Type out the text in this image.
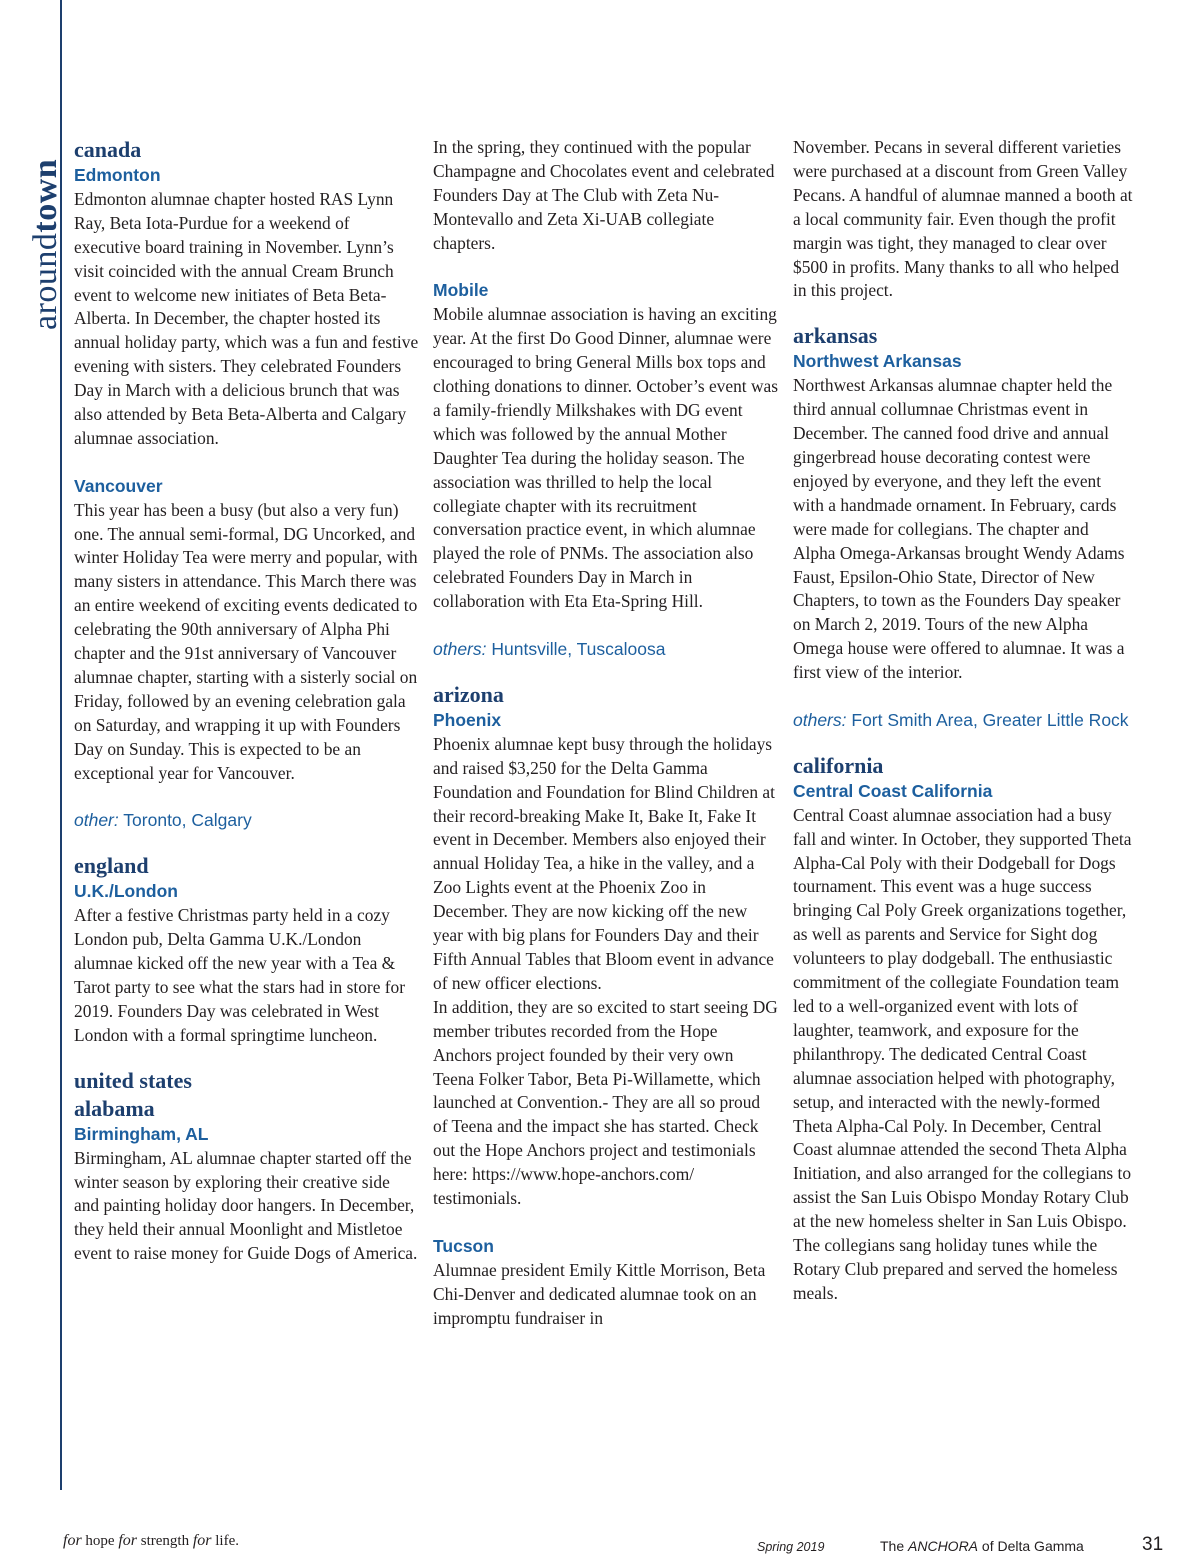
aroundtown
canada
Edmonton

Edmonton alumnae chapter hosted RAS Lynn Ray, Beta Iota-Purdue for a weekend of executive board training in November. Lynn’s visit coincided with the annual Cream Brunch event to welcome new initiates of Beta Beta-Alberta. In December, the chapter hosted its annual holiday party, which was a fun and festive evening with sisters. They celebrated Founders Day in March with a delicious brunch that was also attended by Beta Beta-Alberta and Calgary alumnae association.

Vancouver

This year has been a busy (but also a very fun) one. The annual semi-formal, DG Uncorked, and winter Holiday Tea were merry and popular, with many sisters in attendance. This March there was an entire weekend of exciting events dedicated to celebrating the 90th anniversary of Alpha Phi chapter and the 91st anniversary of Vancouver alumnae chapter, starting with a sisterly social on Friday, followed by an evening celebration gala on Saturday, and wrapping it up with Founders Day on Sunday. This is expected to be an exceptional year for Vancouver.

other: Toronto, Calgary

england
U.K./London

After a festive Christmas party held in a cozy London pub, Delta Gamma U.K./London alumnae kicked off the new year with a Tea & Tarot party to see what the stars had in store for 2019. Founders Day was celebrated in West London with a formal springtime luncheon.

united states
alabama
Birmingham, AL

Birmingham, AL alumnae chapter started off the winter season by exploring their creative side and painting holiday door hangers. In December, they held their annual Moonlight and Mistletoe event to raise money for Guide Dogs of America.

In the spring, they continued with the popular Champagne and Chocolates event and celebrated Founders Day at The Club with Zeta Nu-Montevallo and Zeta Xi-UAB collegiate chapters.

Mobile

Mobile alumnae association is having an exciting year. At the first Do Good Dinner, alumnae were encouraged to bring General Mills box tops and clothing donations to dinner. October’s event was a family-friendly Milkshakes with DG event which was followed by the annual Mother Daughter Tea during the holiday season. The association was thrilled to help the local collegiate chapter with its recruitment conversation practice event, in which alumnae played the role of PNMs. The association also celebrated Founders Day in March in collaboration with Eta Eta-Spring Hill.

others: Huntsville, Tuscaloosa

arizona
Phoenix

Phoenix alumnae kept busy through the holidays and raised $3,250 for the Delta Gamma Foundation and Foundation for Blind Children at their record-breaking Make It, Bake It, Fake It event in December. Members also enjoyed their annual Holiday Tea, a hike in the valley, and a Zoo Lights event at the Phoenix Zoo in December. They are now kicking off the new year with big plans for Founders Day and their Fifth Annual Tables that Bloom event in advance of new officer elections.

In addition, they are so excited to start seeing DG member tributes recorded from the Hope Anchors project founded by their very own Teena Folker Tabor, Beta Pi-Willamette, which launched at Convention.- They are all so proud of Teena and the impact she has started. Check out the Hope Anchors project and testimonials here: https://www.hope-anchors.com/ testimonials.

Tucson

Alumnae president Emily Kittle Morrison, Beta Chi-Denver and dedicated alumnae took on an impromptu fundraiser in

November. Pecans in several different varieties were purchased at a discount from Green Valley Pecans. A handful of alumnae manned a booth at a local community fair. Even though the profit margin was tight, they managed to clear over $500 in profits. Many thanks to all who helped in this project.

arkansas
Northwest Arkansas

Northwest Arkansas alumnae chapter held the third annual collumnae Christmas event in December. The canned food drive and annual gingerbread house decorating contest were enjoyed by everyone, and they left the event with a handmade ornament. In February, cards were made for collegians. The chapter and Alpha Omega-Arkansas brought Wendy Adams Faust, Epsilon-Ohio State, Director of New Chapters, to town as the Founders Day speaker on March 2, 2019. Tours of the new Alpha Omega house were offered to alumnae. It was a first view of the interior.

others: Fort Smith Area, Greater Little Rock

california
Central Coast California

Central Coast alumnae association had a busy fall and winter. In October, they supported Theta Alpha-Cal Poly with their Dodgeball for Dogs tournament. This event was a huge success bringing Cal Poly Greek organizations together, as well as parents and Service for Sight dog volunteers to play dodgeball. The enthusiastic commitment of the collegiate Foundation team led to a well-organized event with lots of laughter, teamwork, and exposure for the philanthropy. The dedicated Central Coast alumnae association helped with photography, setup, and interacted with the newly-formed Theta Alpha-Cal Poly. In December, Central Coast alumnae attended the second Theta Alpha Initiation, and also arranged for the collegians to assist the San Luis Obispo Monday Rotary Club at the new homeless shelter in San Luis Obispo. The collegians sang holiday tunes while the Rotary Club prepared and served the homeless meals.

for hope for strength for life.	Spring 2019	The ANCHORA of Delta Gamma	31
